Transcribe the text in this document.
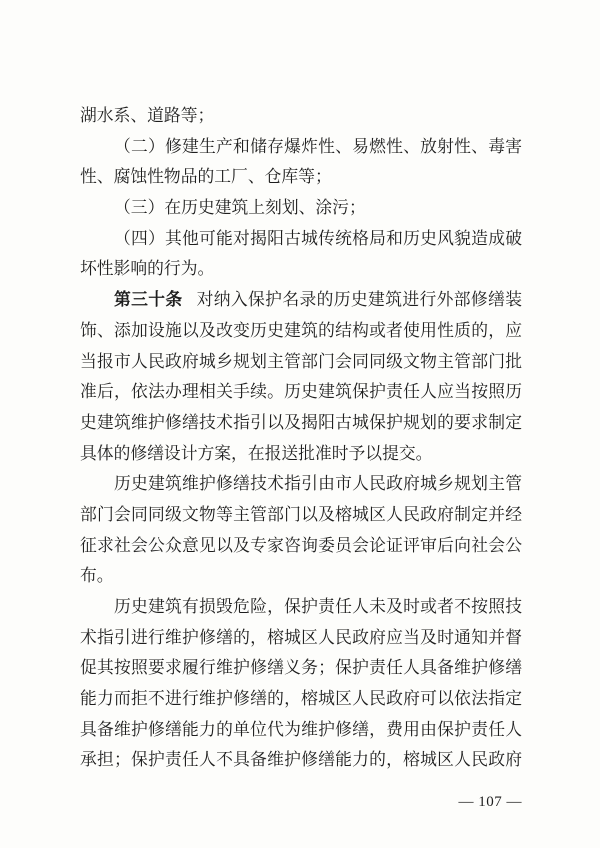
湖水系、道路等；
（二）修建生产和储存爆炸性、易燃性、放射性、毒害
性、腐蚀性物品的工厂、仓库等；
（三）在历史建筑上刻划、涂污；
（四）其他可能对揭阳古城传统格局和历史风貌造成破
坏性影响的行为。
第三十条 对纳入保护名录的历史建筑进行外部修缮装
饰、添加设施以及改变历史建筑的结构或者使用性质的，应
当报市人民政府城乡规划主管部门会同同级文物主管部门批
准后，依法办理相关手续。历史建筑保护责任人应当按照历
史建筑维护修缮技术指引以及揭阳古城保护规划的要求制定
具体的修缮设计方案，在报送批准时予以提交。
历史建筑维护修缮技术指引由市人民政府城乡规划主管
部门会同同级文物等主管部门以及榕城区人民政府制定并经
征求社会公众意见以及专家咨询委员会论证评审后向社会公
布。
历史建筑有损毁危险，保护责任人未及时或者不按照技
术指引进行维护修缮的，榕城区人民政府应当及时通知并督
促其按照要求履行维护修缮义务；保护责任人具备维护修缮
能力而拒不进行维护修缮的，榕城区人民政府可以依法指定
具备维护修缮能力的单位代为维护修缮，费用由保护责任人
承担；保护责任人不具备维护修缮能力的，榕城区人民政府
— 107 —
